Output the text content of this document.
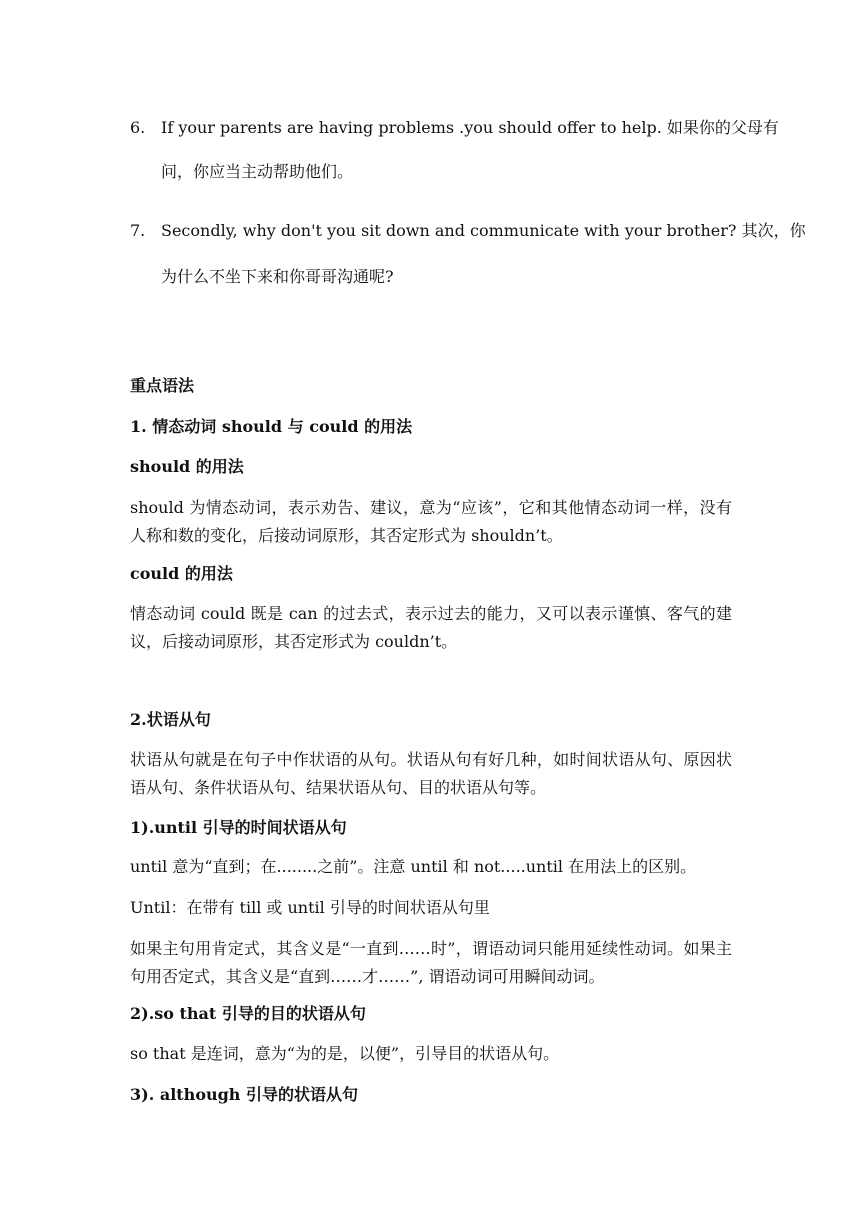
6. If your parents are having problems .you should offer to help. 如果你的父母有
问，你应当主动帮助他们。
7. Secondly, why don't you sit down and communicate with your brother? 其次，你
为什么不坐下来和你哥哥沟通呢?
重点语法
1. 情态动词 should 与 could 的用法
should 的用法
should 为情态动词，表示劝告、建议，意为“应该”，它和其他情态动词一样，没有人称和数的变化，后接动词原形，其否定形式为 shouldn’t。
could 的用法
情态动词 could 既是 can 的过去式，表示过去的能力，又可以表示谨慎、客气的建议，后接动词原形，其否定形式为 couldn’t。
2.状语从句
状语从句就是在句子中作状语的从句。状语从句有好几种，如时间状语从句、原因状语从句、条件状语从句、结果状语从句、目的状语从句等。
1).until 引导的时间状语从句
until 意为“直到；在........之前”。注意 until 和 not.....until 在用法上的区别。
Until：在带有 till 或 until 引导的时间状语从句里
如果主句用肯定式，其含义是“一直到……时”，谓语动词只能用延续性动词。如果主句用否定式，其含义是“直到……才……”, 谓语动词可用瞬间动词。
2).so that 引导的目的状语从句
so that 是连词，意为“为的是，以便”，引导目的状语从句。
3). although 引导的状语从句
